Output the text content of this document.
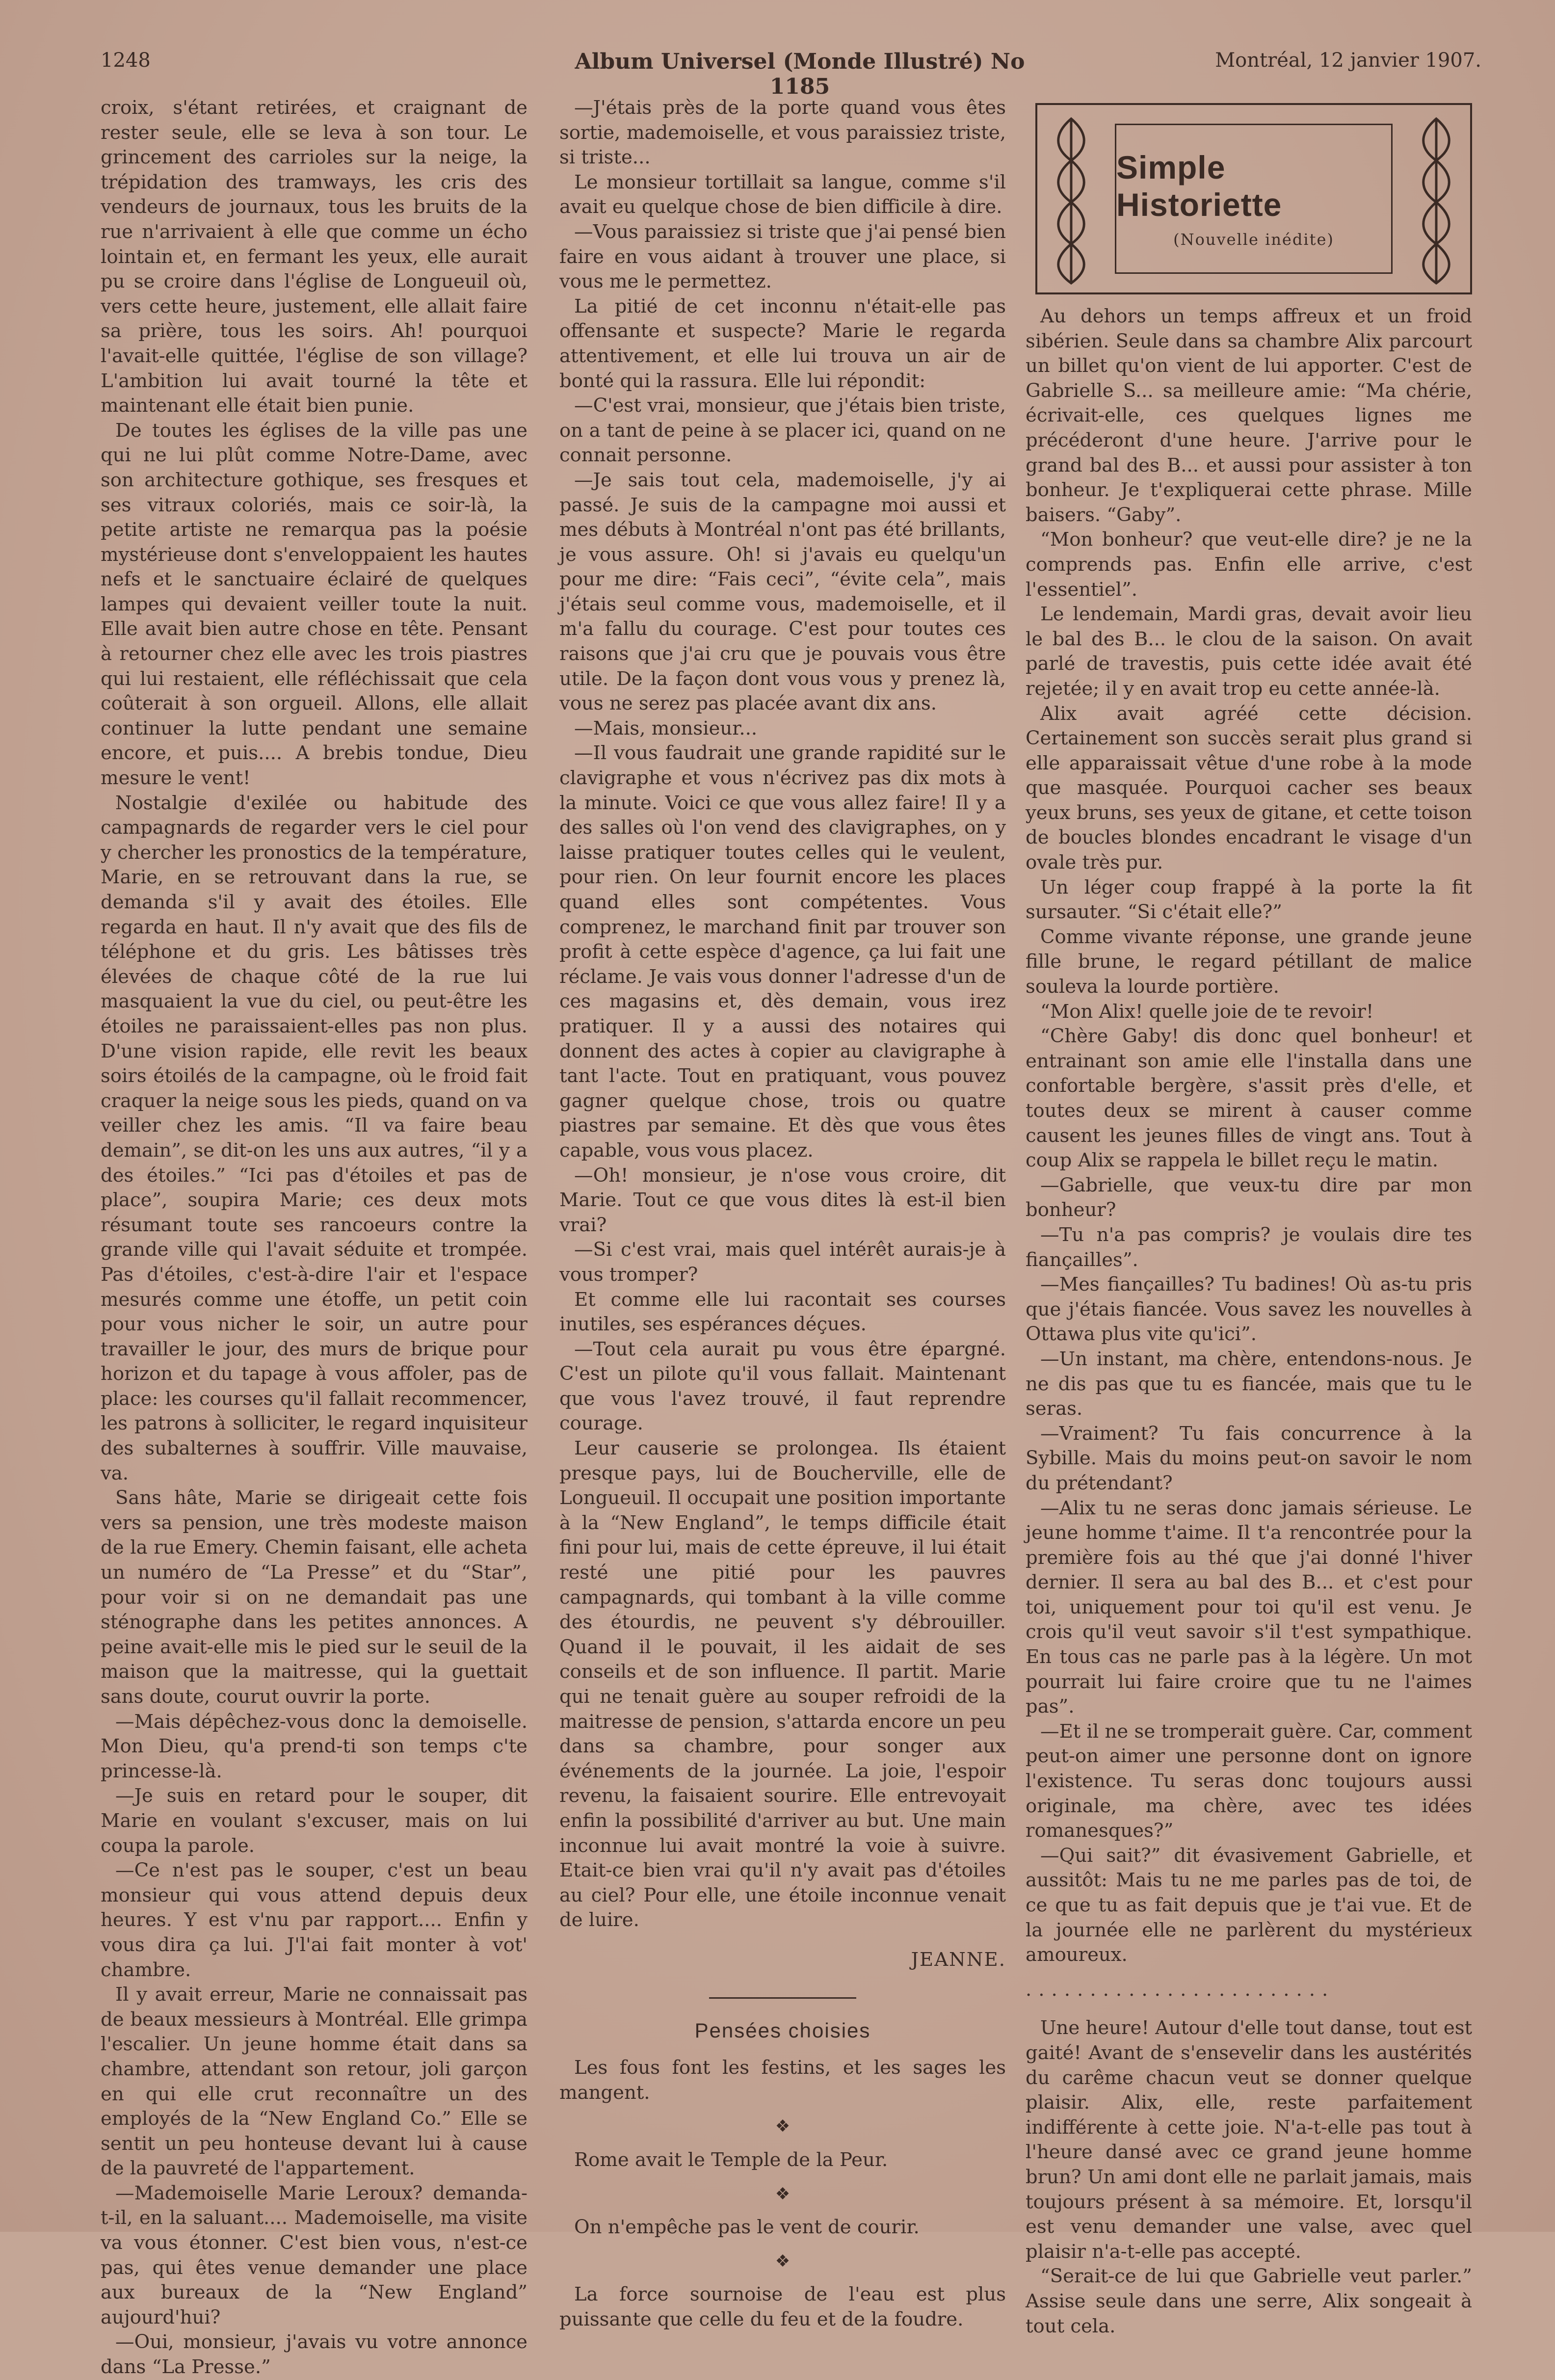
1248	Album Universel (Monde Illustré) No 1185
Montréal, 12 janvier 1907.

croix, s'étant retirées, et craignant de rester seule, elle se leva à son tour. Le grincement des carrioles sur la neige, la trépidation des tramways, les cris des vendeurs de journaux, tous les bruits de la rue n'arrivaient à elle que comme un écho lointain et, en fermant les yeux, elle aurait pu se croire dans l'église de Longueuil où, vers cette heure, justement, elle allait faire sa prière, tous les soirs. Ah! pourquoi l'avait-elle quittée, l'église de son village? L'ambition lui avait tourné la tête et maintenant elle était bien punie.

De toutes les églises de la ville pas une qui ne lui plût comme Notre-Dame, avec son architecture gothique, ses fresques et ses vitraux coloriés, mais ce soir-là, la petite artiste ne remarqua pas la poésie mystérieuse dont s'enveloppaient les hautes nefs et le sanctuaire éclairé de quelques lampes qui devaient veiller toute la nuit. Elle avait bien autre chose en tête. Pensant à retourner chez elle avec les trois piastres qui lui restaient, elle réfléchissait que cela coûterait à son orgueil. Allons, elle allait continuer la lutte pendant une semaine encore, et puis.... A brebis tondue, Dieu mesure le vent!

Nostalgie d'exilée ou habitude des campagnards de regarder vers le ciel pour y chercher les pronostics de la température, Marie, en se retrouvant dans la rue, se demanda s'il y avait des étoiles. Elle regarda en haut. Il n'y avait que des fils de téléphone et du gris. Les bâtisses très élevées de chaque côté de la rue lui masquaient la vue du ciel, ou peut-être les étoiles ne paraissaient-elles pas non plus. D'une vision rapide, elle revit les beaux soirs étoilés de la campagne, où le froid fait craquer la neige sous les pieds, quand on va veiller chez les amis. “Il va faire beau demain”, se dit-on les uns aux autres, “il y a des étoiles.” “Ici pas d'étoiles et pas de place”, soupira Marie; ces deux mots résumant toute ses rancoeurs contre la grande ville qui l'avait séduite et trompée. Pas d'étoiles, c'est-à-dire l'air et l'espace mesurés comme une étoffe, un petit coin pour vous nicher le soir, un autre pour travailler le jour, des murs de brique pour horizon et du tapage à vous affoler, pas de place: les courses qu'il fallait recommencer, les patrons à solliciter, le regard inquisiteur des subalternes à souffrir. Ville mauvaise, va.

Sans hâte, Marie se dirigeait cette fois vers sa pension, une très modeste maison de la rue Emery. Chemin faisant, elle acheta un numéro de “La Presse” et du “Star”, pour voir si on ne demandait pas une sténographe dans les petites annonces. A peine avait-elle mis le pied sur le seuil de la maison que la maitresse, qui la guettait sans doute, courut ouvrir la porte.

—Mais dépêchez-vous donc la demoiselle. Mon Dieu, qu'a prend-ti son temps c'te princesse-là.

—Je suis en retard pour le souper, dit Marie en voulant s'excuser, mais on lui coupa la parole.

—Ce n'est pas le souper, c'est un beau monsieur qui vous attend depuis deux heures. Y est v'nu par rapport.... Enfin y vous dira ça lui. J'l'ai fait monter à vot' chambre.

Il y avait erreur, Marie ne connaissait pas de beaux messieurs à Montréal. Elle grimpa l'escalier. Un jeune homme était dans sa chambre, attendant son retour, joli garçon en qui elle crut reconnaître un des employés de la “New England Co.” Elle se sentit un peu honteuse devant lui à cause de la pauvreté de l'appartement.

—Mademoiselle Marie Leroux? demanda-t-il, en la saluant.... Mademoiselle, ma visite va vous étonner. C'est bien vous, n'est-ce pas, qui êtes venue demander une place aux bureaux de la “New England” aujourd'hui?

—Oui, monsieur, j'avais vu votre annonce dans “La Presse.”

—J'étais près de la porte quand vous êtes sortie, mademoiselle, et vous paraissiez triste, si triste...

Le monsieur tortillait sa langue, comme s'il avait eu quelque chose de bien difficile à dire.

—Vous paraissiez si triste que j'ai pensé bien faire en vous aidant à trouver une place, si vous me le permettez.

La pitié de cet inconnu n'était-elle pas offensante et suspecte? Marie le regarda attentivement, et elle lui trouva un air de bonté qui la rassura. Elle lui répondit:

—C'est vrai, monsieur, que j'étais bien triste, on a tant de peine à se placer ici, quand on ne connait personne.

—Je sais tout cela, mademoiselle, j'y ai passé. Je suis de la campagne moi aussi et mes débuts à Montréal n'ont pas été brillants, je vous assure. Oh! si j'avais eu quelqu'un pour me dire: “Fais ceci”, “évite cela”, mais j'étais seul comme vous, mademoiselle, et il m'a fallu du courage. C'est pour toutes ces raisons que j'ai cru que je pouvais vous être utile. De la façon dont vous vous y prenez là, vous ne serez pas placée avant dix ans.

—Mais, monsieur...

—Il vous faudrait une grande rapidité sur le clavigraphe et vous n'écrivez pas dix mots à la minute. Voici ce que vous allez faire! Il y a des salles où l'on vend des clavigraphes, on y laisse pratiquer toutes celles qui le veulent, pour rien. On leur fournit encore les places quand elles sont compétentes. Vous comprenez, le marchand finit par trouver son profit à cette espèce d'agence, ça lui fait une réclame. Je vais vous donner l'adresse d'un de ces magasins et, dès demain, vous irez pratiquer. Il y a aussi des notaires qui donnent des actes à copier au clavigraphe à tant l'acte. Tout en pratiquant, vous pouvez gagner quelque chose, trois ou quatre piastres par semaine. Et dès que vous êtes capable, vous vous placez.

—Oh! monsieur, je n'ose vous croire, dit Marie. Tout ce que vous dites là est-il bien vrai?

—Si c'est vrai, mais quel intérêt aurais-je à vous tromper?

Et comme elle lui racontait ses courses inutiles, ses espérances déçues.

—Tout cela aurait pu vous être épargné. C'est un pilote qu'il vous fallait. Maintenant que vous l'avez trouvé, il faut reprendre courage.

Leur causerie se prolongea. Ils étaient presque pays, lui de Boucherville, elle de Longueuil. Il occupait une position importante à la “New England”, le temps difficile était fini pour lui, mais de cette épreuve, il lui était resté une pitié pour les pauvres campagnards, qui tombant à la ville comme des étourdis, ne peuvent s'y débrouiller. Quand il le pouvait, il les aidait de ses conseils et de son influence. Il partit. Marie qui ne tenait guère au souper refroidi de la maitresse de pension, s'attarda encore un peu dans sa chambre, pour songer aux événements de la journée. La joie, l'espoir revenu, la faisaient sourire. Elle entrevoyait enfin la possibilité d'arriver au but. Une main inconnue lui avait montré la voie à suivre. Etait-ce bien vrai qu'il n'y avait pas d'étoiles au ciel? Pour elle, une étoile inconnue venait de luire.

JEANNE.
Pensées choisies

Les fous font les festins, et les sages les mangent.

❖

Rome avait le Temple de la Peur.

❖

On n'empêche pas le vent de courir.

❖

La force sournoise de l'eau est plus puissante que celle du feu et de la foudre.

Simple Historiette
(Nouvelle inédite)

Au dehors un temps affreux et un froid sibérien. Seule dans sa chambre Alix parcourt un billet qu'on vient de lui apporter. C'est de Gabrielle S... sa meilleure amie: “Ma chérie, écrivait-elle, ces quelques lignes me précéderont d'une heure. J'arrive pour le grand bal des B... et aussi pour assister à ton bonheur. Je t'expliquerai cette phrase. Mille baisers. “Gaby”.

“Mon bonheur? que veut-elle dire? je ne la comprends pas. Enfin elle arrive, c'est l'essentiel”.

Le lendemain, Mardi gras, devait avoir lieu le bal des B... le clou de la saison. On avait parlé de travestis, puis cette idée avait été rejetée; il y en avait trop eu cette année-là.

Alix avait agréé cette décision. Certainement son succès serait plus grand si elle apparaissait vêtue d'une robe à la mode que masquée. Pourquoi cacher ses beaux yeux bruns, ses yeux de gitane, et cette toison de boucles blondes encadrant le visage d'un ovale très pur.

Un léger coup frappé à la porte la fit sursauter. “Si c'était elle?”

Comme vivante réponse, une grande jeune fille brune, le regard pétillant de malice souleva la lourde portière.

“Mon Alix! quelle joie de te revoir!

“Chère Gaby! dis donc quel bonheur! et entrainant son amie elle l'installa dans une confortable bergère, s'assit près d'elle, et toutes deux se mirent à causer comme causent les jeunes filles de vingt ans. Tout à coup Alix se rappela le billet reçu le matin.

—Gabrielle, que veux-tu dire par mon bonheur?

—Tu n'a pas compris? je voulais dire tes fiançailles”.

—Mes fiançailles? Tu badines! Où as-tu pris que j'étais fiancée. Vous savez les nouvelles à Ottawa plus vite qu'ici”.

—Un instant, ma chère, entendons-nous. Je ne dis pas que tu es fiancée, mais que tu le seras.

—Vraiment? Tu fais concurrence à la Sybille. Mais du moins peut-on savoir le nom du prétendant?

—Alix tu ne seras donc jamais sérieuse. Le jeune homme t'aime. Il t'a rencontrée pour la première fois au thé que j'ai donné l'hiver dernier. Il sera au bal des B... et c'est pour toi, uniquement pour toi qu'il est venu. Je crois qu'il veut savoir s'il t'est sympathique. En tous cas ne parle pas à la légère. Un mot pourrait lui faire croire que tu ne l'aimes pas”.

—Et il ne se tromperait guère. Car, comment peut-on aimer une personne dont on ignore l'existence. Tu seras donc toujours aussi originale, ma chère, avec tes idées romanesques?”

—Qui sait?” dit évasivement Gabrielle, et aussitôt: Mais tu ne me parles pas de toi, de ce que tu as fait depuis que je t'ai vue. Et de la journée elle ne parlèrent du mystérieux amoureux.

........................

Une heure! Autour d'elle tout danse, tout est gaité! Avant de s'ensevelir dans les austérités du carême chacun veut se donner quelque plaisir. Alix, elle, reste parfaitement indifférente à cette joie. N'a-t-elle pas tout à l'heure dansé avec ce grand jeune homme brun? Un ami dont elle ne parlait jamais, mais toujours présent à sa mémoire. Et, lorsqu'il est venu demander une valse, avec quel plaisir n'a-t-elle pas accepté.

“Serait-ce de lui que Gabrielle veut parler.” Assise seule dans une serre, Alix songeait à tout cela.
